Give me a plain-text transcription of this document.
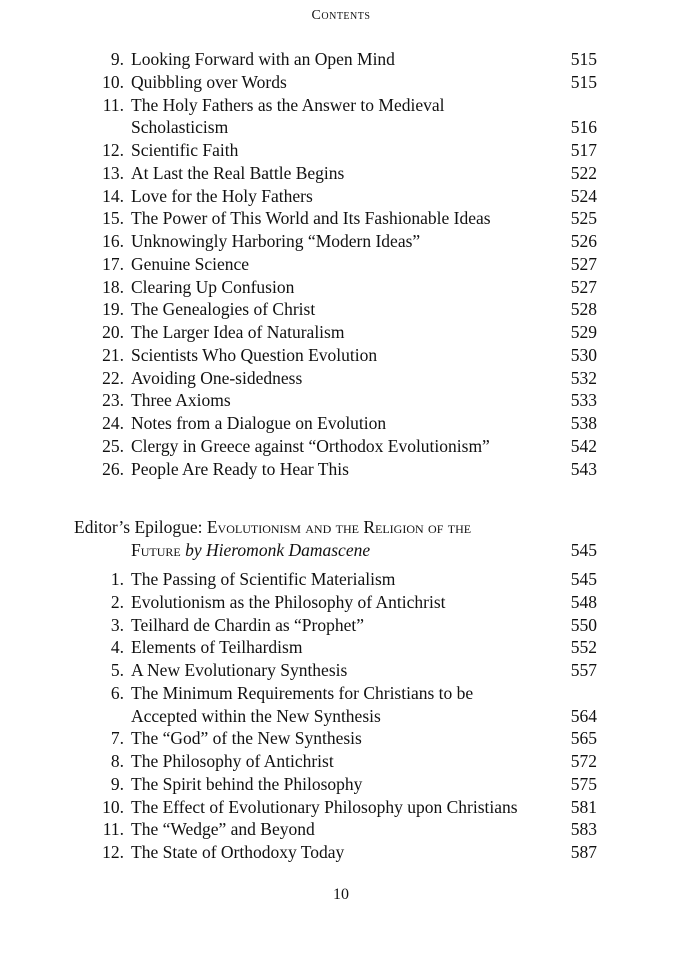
Contents
9. Looking Forward with an Open Mind	515
10. Quibbling over Words	515
11. The Holy Fathers as the Answer to Medieval
Scholasticism	516
12. Scientific Faith	517
13. At Last the Real Battle Begins	522
14. Love for the Holy Fathers	524
15. The Power of This World and Its Fashionable Ideas	525
16. Unknowingly Harboring “Modern Ideas”	526
17. Genuine Science	527
18. Clearing Up Confusion	527
19. The Genealogies of Christ	528
20. The Larger Idea of Naturalism	529
21. Scientists Who Question Evolution	530
22. Avoiding One-sidedness	532
23. Three Axioms	533
24. Notes from a Dialogue on Evolution	538
25. Clergy in Greece against “Orthodox Evolutionism”	542
26. People Are Ready to Hear This	543
Editor’s Epilogue: Evolutionism and the Religion of the
Future by Hieromonk Damascene	545
1. The Passing of Scientific Materialism	545
2. Evolutionism as the Philosophy of Antichrist	548
3. Teilhard de Chardin as “Prophet”	550
4. Elements of Teilhardism	552
5. A New Evolutionary Synthesis	557
6. The Minimum Requirements for Christians to be
Accepted within the New Synthesis	564
7. The “God” of the New Synthesis	565
8. The Philosophy of Antichrist	572
9. The Spirit behind the Philosophy	575
10. The Effect of Evolutionary Philosophy upon Christians	581
11. The “Wedge” and Beyond	583
12. The State of Orthodoxy Today	587
10
